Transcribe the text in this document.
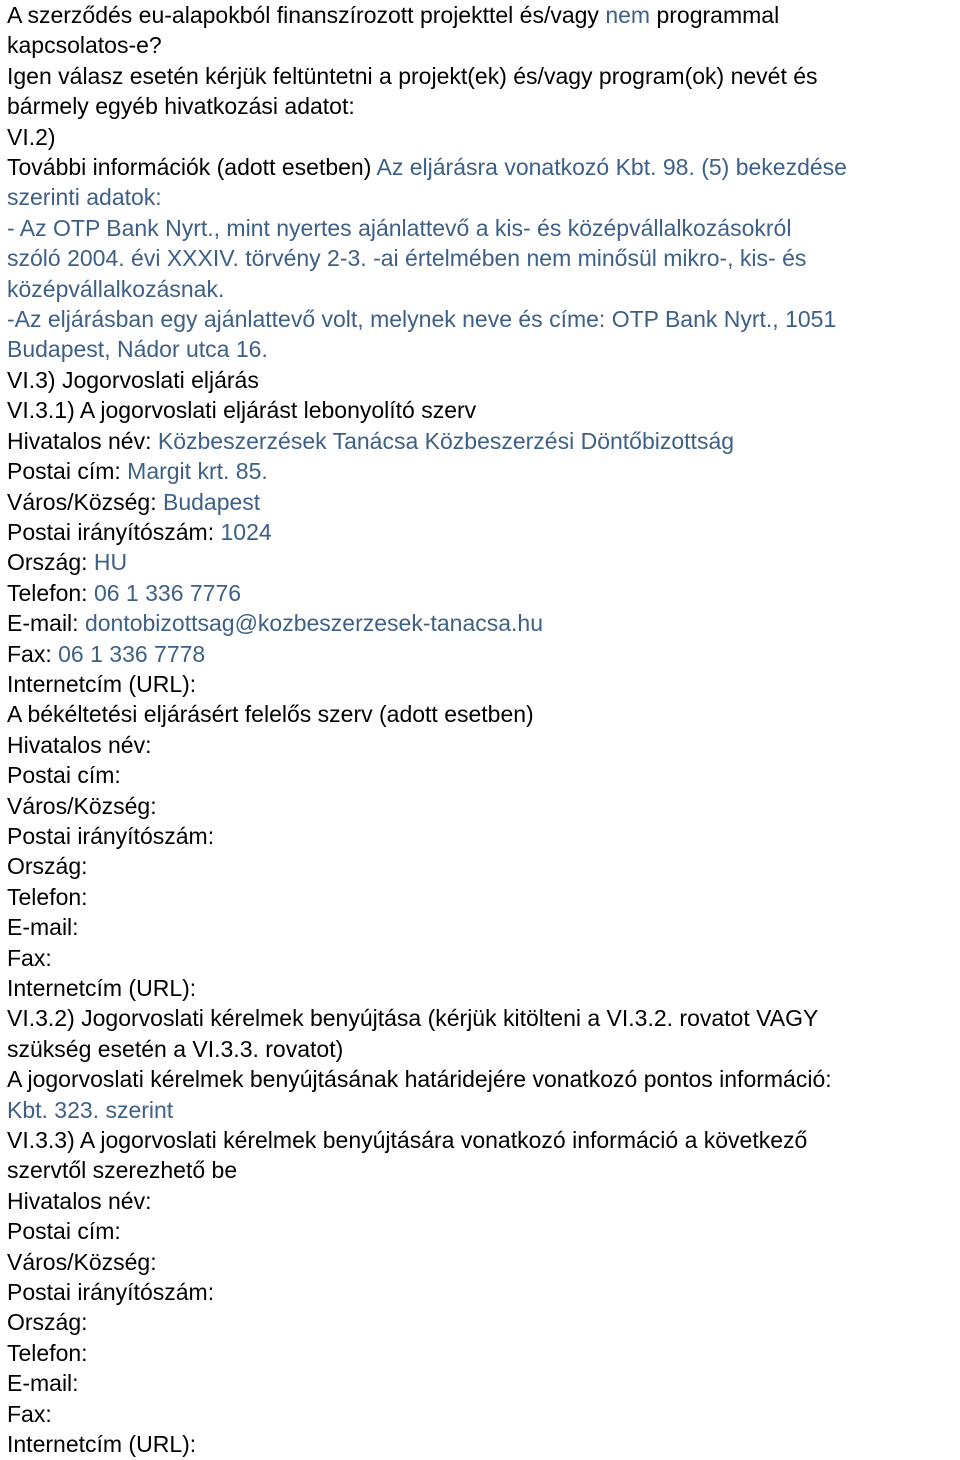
A szerződés eu-alapokból finanszírozott projekttel és/vagy nem programmal

kapcsolatos-e?

Igen válasz esetén kérjük feltüntetni a projekt(ek) és/vagy program(ok) nevét és

bármely egyéb hivatkozási adatot:

VI.2)

További információk (adott esetben) Az eljárásra vonatkozó Kbt. 98. (5) bekezdése

szerinti adatok:

- Az OTP Bank Nyrt., mint nyertes ajánlattevő a kis- és középvállalkozásokról

szóló 2004. évi XXXIV. törvény 2-3. -ai értelmében nem minősül mikro-, kis- és

középvállalkozásnak.

-Az eljárásban egy ajánlattevő volt, melynek neve és címe: OTP Bank Nyrt., 1051

Budapest, Nádor utca 16.

VI.3) Jogorvoslati eljárás

VI.3.1) A jogorvoslati eljárást lebonyolító szerv

Hivatalos név: Közbeszerzések Tanácsa Közbeszerzési Döntőbizottság

Postai cím: Margit krt. 85.

Város/Község: Budapest

Postai irányítószám: 1024

Ország: HU

Telefon: 06 1 336 7776

E-mail: dontobizottsag@kozbeszerzesek-tanacsa.hu

Fax: 06 1 336 7778

Internetcím (URL):

A békéltetési eljárásért felelős szerv (adott esetben)

Hivatalos név:

Postai cím:

Város/Község:

Postai irányítószám:

Ország:

Telefon:

E-mail:

Fax:

Internetcím (URL):

VI.3.2) Jogorvoslati kérelmek benyújtása (kérjük kitölteni a VI.3.2. rovatot VAGY

szükség esetén a VI.3.3. rovatot)

A jogorvoslati kérelmek benyújtásának határidejére vonatkozó pontos információ:

Kbt. 323. szerint

VI.3.3) A jogorvoslati kérelmek benyújtására vonatkozó információ a következő

szervtől szerezhető be

Hivatalos név:

Postai cím:

Város/Község:

Postai irányítószám:

Ország:

Telefon:

E-mail:

Fax:

Internetcím (URL):
